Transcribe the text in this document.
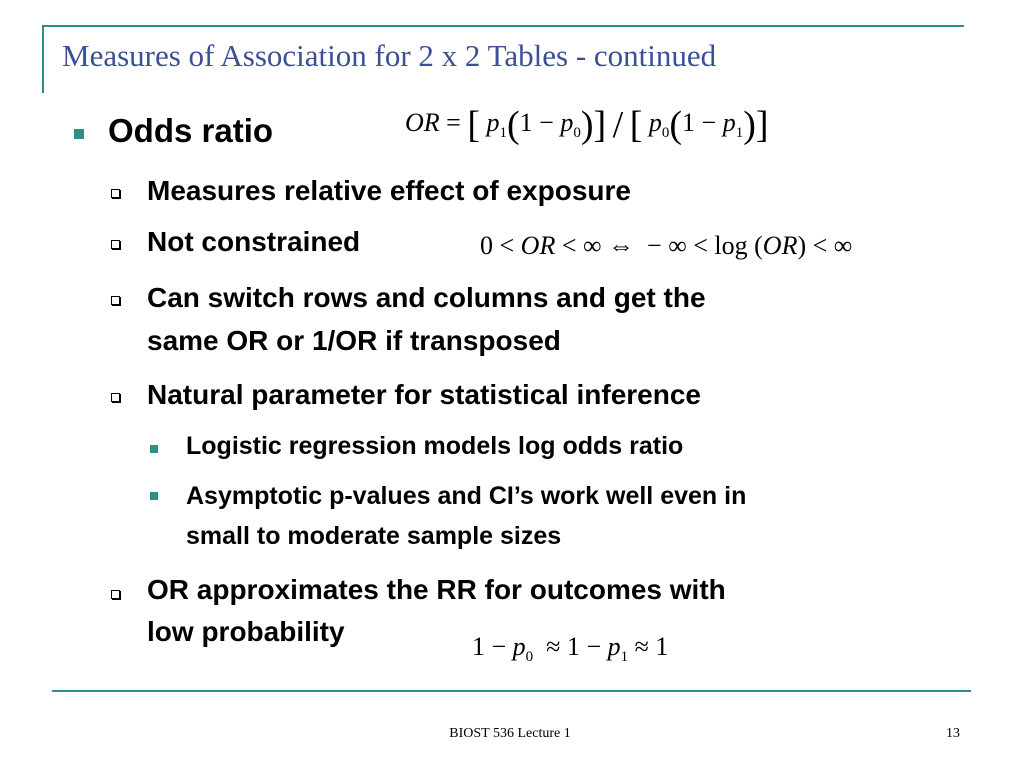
Measures of Association for 2 x 2 Tables - continued
Odds ratio	OR = [ $p_1(1 - p_0)$] / [ $p_0(1 - p_1)$]
Measures relative effect of exposure
Not constrained	0 < OR < ∞ ⇔  − ∞ < log (OR) < ∞
Can switch rows and columns and get the
same OR or 1/OR if transposed
Natural parameter for statistical inference
Logistic regression models log odds ratio
Asymptotic p-values and CI’s work well even in
small to moderate sample sizes
OR approximates the RR for outcomes with
low probability	$1 - p_0 \approx 1 - p_1 \approx 1$
BIOST 536 Lecture 1	13
